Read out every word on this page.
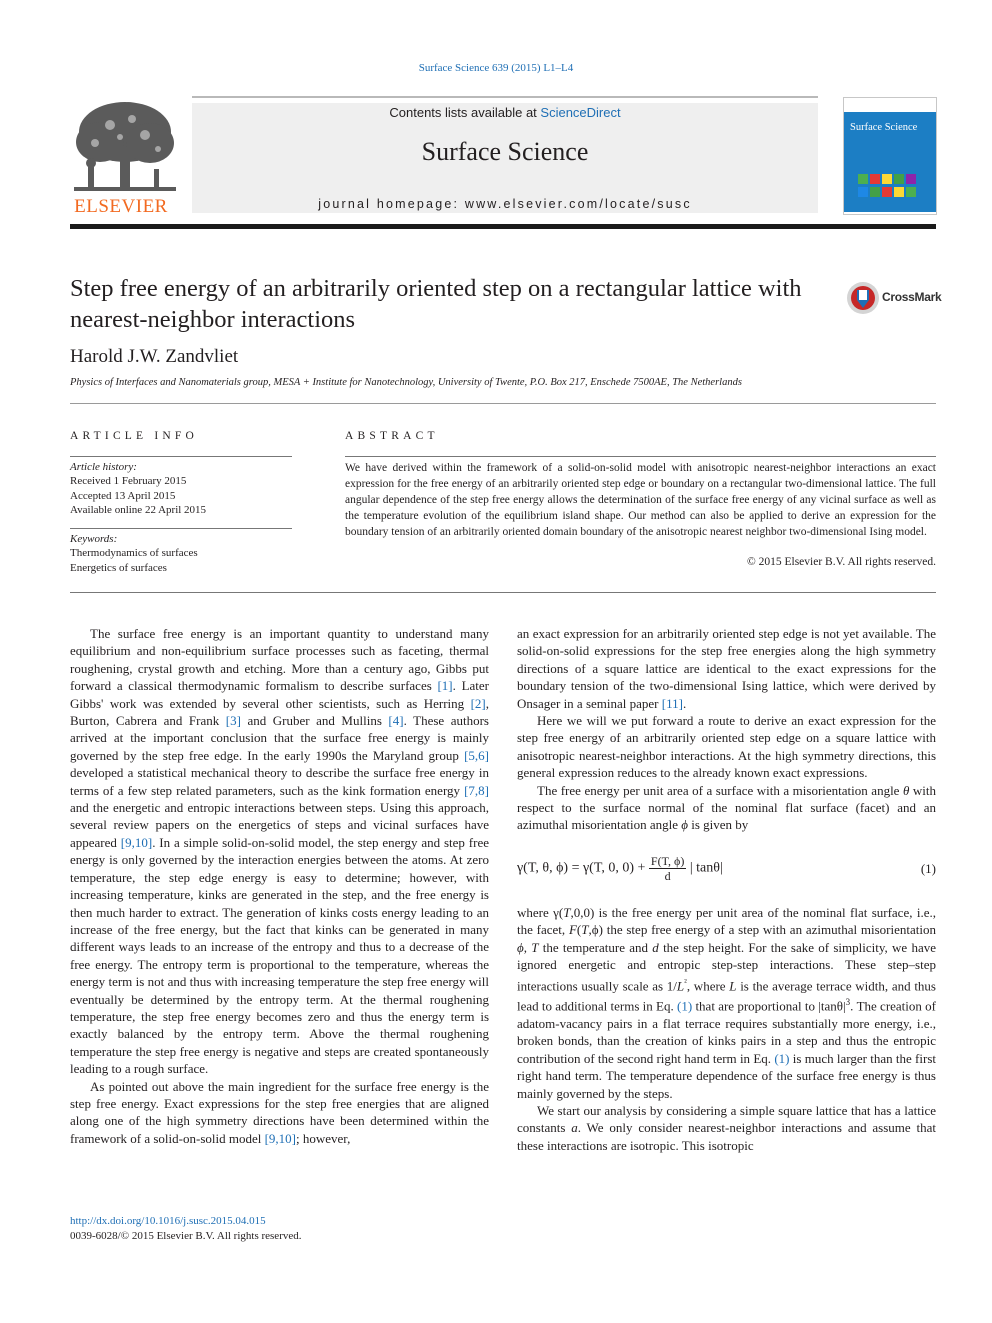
Surface Science 639 (2015) L1–L4
ELSEVIER
Contents lists available at ScienceDirect
Surface Science
journal homepage: www.elsevier.com/locate/susc
Surface Science
Step free energy of an arbitrarily oriented step on a rectangular lattice with nearest-neighbor interactions
CrossMark
Harold J.W. Zandvliet
Physics of Interfaces and Nanomaterials group, MESA + Institute for Nanotechnology, University of Twente, P.O. Box 217, Enschede 7500AE, The Netherlands
ARTICLE INFO	ABSTRACT
Article history:
Received 1 February 2015
Accepted 13 April 2015
Available online 22 April 2015
Keywords:
Thermodynamics of surfaces
Energetics of surfaces
We have derived within the framework of a solid-on-solid model with anisotropic nearest-neighbor interactions an exact expression for the free energy of an arbitrarily oriented step edge or boundary on a rectangular two-dimensional lattice. The full angular dependence of the step free energy allows the determination of the surface free energy of any vicinal surface as well as the temperature evolution of the equilibrium island shape. Our method can also be applied to derive an expression for the boundary tension of an arbitrarily oriented domain boundary of the anisotropic nearest neighbor two-dimensional Ising model.
© 2015 Elsevier B.V. All rights reserved.

The surface free energy is an important quantity to understand many equilibrium and non-equilibrium surface processes such as faceting, thermal roughening, crystal growth and etching. More than a century ago, Gibbs put forward a classical thermodynamic formalism to describe surfaces [1]. Later Gibbs' work was extended by several other scientists, such as Herring [2], Burton, Cabrera and Frank [3] and Gruber and Mullins [4]. These authors arrived at the important conclusion that the surface free energy is mainly governed by the step free edge. In the early 1990s the Maryland group [5,6] developed a statistical mechanical theory to describe the surface free energy in terms of a few step related parameters, such as the kink formation energy [7,8] and the energetic and entropic interactions between steps. Using this approach, several review papers on the energetics of steps and vicinal surfaces have appeared [9,10]. In a simple solid-on-solid model, the step energy and step free energy is only governed by the interaction energies between the atoms. At zero temperature, the step edge energy is easy to determine; however, with increasing temperature, kinks are generated in the step, and the free energy is then much harder to extract. The generation of kinks costs energy leading to an increase of the free energy, but the fact that kinks can be generated in many different ways leads to an increase of the entropy and thus to a decrease of the free energy. The entropy term is proportional to the temperature, whereas the energy term is not and thus with increasing temperature the step free energy will eventually be determined by the entropy term. At the thermal roughening temperature, the step free energy becomes zero and thus the energy term is exactly balanced by the entropy term. Above the thermal roughening temperature the step free energy is negative and steps are created spontaneously leading to a rough surface.

As pointed out above the main ingredient for the surface free energy is the step free energy. Exact expressions for the step free energies that are aligned along one of the high symmetry directions have been determined within the framework of a solid-on-solid model [9,10]; however,

an exact expression for an arbitrarily oriented step edge is not yet available. The solid-on-solid expressions for the step free energies along the high symmetry directions of a square lattice are identical to the exact expressions for the boundary tension of the two-dimensional Ising lattice, which were derived by Onsager in a seminal paper [11].

Here we will we put forward a route to derive an exact expression for the step free energy of an arbitrarily oriented step edge on a square lattice with anisotropic nearest-neighbor interactions. At the high symmetry directions, this general expression reduces to the already known exact expressions.

The free energy per unit area of a surface with a misorientation angle θ with respect to the surface normal of the nominal flat surface (facet) and an azimuthal misorientation angle ϕ is given by

γ(T, θ, ϕ) = γ(T, 0, $0) + \frac{F(T, \phi)}{d}$ | tanθ|	(1)

where γ(T,0,0) is the free energy per unit area of the nominal flat surface, i.e., the facet, F(T,ϕ) the step free energy of a step with an azimuthal misorientation ϕ, T the temperature and d the step height. For the sake of simplicity, we have ignored energetic and entropic step-step interactions. These step–step interactions usually scale as $1/L^{^2}$, where L is the average terrace width, and thus lead to additional terms in Eq. (1) that are proportional to $|\tan\theta|^3$. The creation of adatom-vacancy pairs in a flat terrace requires substantially more energy, i.e., broken bonds, than the creation of kinks pairs in a step and thus the entropic contribution of the second right hand term in Eq. (1) is much larger than the first right hand term. The temperature dependence of the surface free energy is thus mainly governed by the steps.

We start our analysis by considering a simple square lattice that has a lattice constants a. We only consider nearest-neighbor interactions and assume that these interactions are isotropic. This isotropic

http://dx.doi.org/10.1016/j.susc.2015.04.015
0039-6028/© 2015 Elsevier B.V. All rights reserved.
